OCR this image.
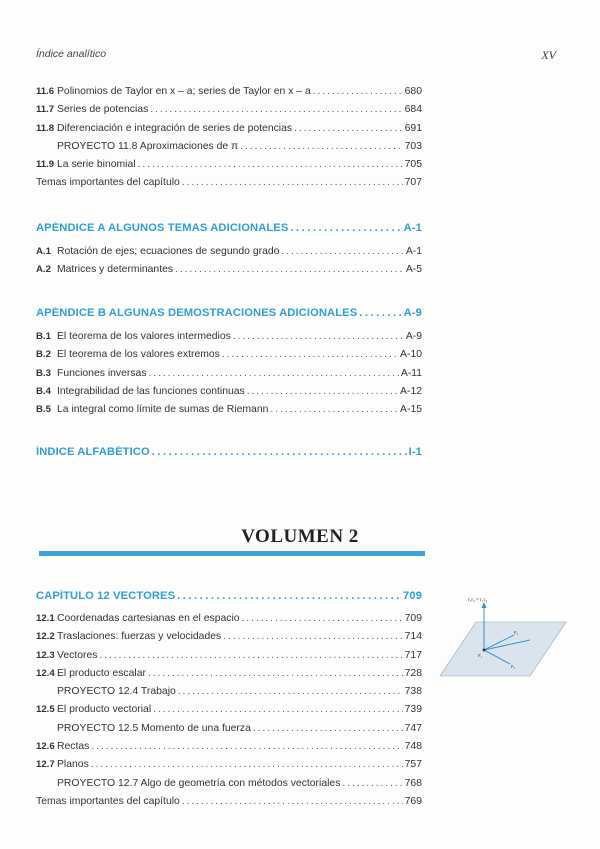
Índice analítico	XV
11.6 Polinomios de Taylor en x – a; series de Taylor en x – a . . .	680
11.7 Series de potencias . . .	684
11.8 Diferenciación e integración de series de potencias . . .	691
PROYECTO 11.8 Aproximaciones de π . . .	703
11.9 La serie binomial . . .	705
Temas importantes del capítulo . . .	707
APÉNDICE A ALGUNOS TEMAS ADICIONALES . . .	A-1
A.1 Rotación de ejes; ecuaciones de segundo grado . . .	A-1
A.2 Matrices y determinantes . . .	A-5
APÉNDICE B ALGUNAS DEMOSTRACIONES ADICIONALES . . .	A-9
B.1 El teorema de los valores intermedios . . .	A-9
B.2 El teorema de los valores extremos . . .	A-10
B.3 Funciones inversas . . .	A-11
B.4 Integrabilidad de las funciones continuas . . .	A-12
B.5 La integral como límite de sumas de Riemann . . .	A-15
ÍNDICE ALFABÉTICO . . .	I-1
VOLUMEN 2
CAPÍTULO 12 VECTORES . . .	709
12.1 Coordenadas cartesianas en el espacio . . .	709
12.2 Traslaciones: fuerzas y velocidades . . .	714
12.3 Vectores . . .	717
12.4 El producto escalar . . .	728
PROYECTO 12.4 Trabajo . . .	738
12.5 El producto vectorial . . .	739
PROYECTO 12.5 Momento de una fuerza . . .	747
12.6 Rectas . . .	748
12.7 Planos . . .	757
PROYECTO 12.7 Algo de geometría con métodos vectoriales . . .	768
Temas importantes del capítulo . . .	769
r₁r₂ × r₁r₃
P₁
P₂
P₃
